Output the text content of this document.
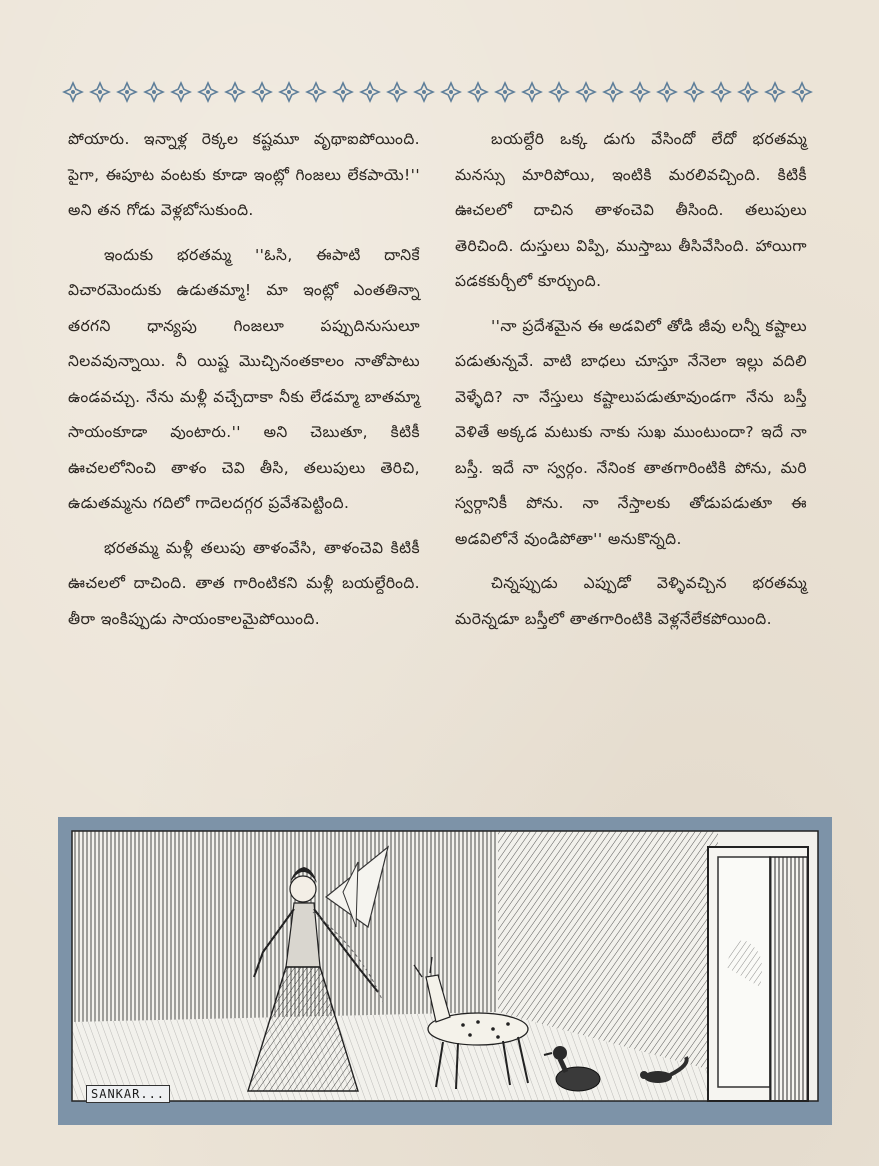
పోయారు. ఇన్నాళ్ల రెక్కల కష్టమూ వృథాఐపోయింది. పైగా, ఈపూట వంటకు కూడా ఇంట్లో గింజలు లేకపాయె!'' అని తన గోడు వెళ్లబోసుకుంది.

ఇందుకు భరతమ్మ ''ఓసి, ఈపాటి దానికే విచారమెందుకు ఉడుతమ్మా! మా ఇంట్లో ఎంతతిన్నా తరగని ధాన్యపు గింజలూ పప్పుదినుసులూ నిలవవున్నాయి. నీ యిష్ట మొచ్చినంతకాలం నాతోపాటు ఉండవచ్చు. నేను మళ్లీ వచ్చేదాకా నీకు లేడమ్మా బాతమ్మా సాయంకూడా వుంటారు.'' అని చెబుతూ, కిటికీ ఊచలలోనించి తాళం చెవి తీసి, తలుపులు తెరిచి, ఉడుతమ్మను గదిలో గాదెలదగ్గర ప్రవేశపెట్టింది.

భరతమ్మ మళ్లీ తలుపు తాళంవేసి, తాళంచెవి కిటికీ ఊచలలో దాచింది. తాత గారింటికని మళ్లీ బయల్దేరింది. తీరా ఇంకిప్పుడు సాయంకాలమైపోయింది.

బయల్దేరి ఒక్క డుగు వేసిందో లేదో భరతమ్మ మనస్సు మారిపోయి, ఇంటికి మరలివచ్చింది. కిటికీ ఊచలలో దాచిన తాళంచెవి తీసింది. తలుపులు తెరిచింది. దుస్తులు విప్పి, ముస్తాబు తీసివేసింది. హాయిగా పడకకుర్చీలో కూర్చుంది.

''నా ప్రదేశమైన ఈ అడవిలో తోడి జీవు లన్నీ కష్టాలు పడుతున్నవే. వాటి బాధలు చూస్తూ నేనెలా ఇల్లు వదిలి వెళ్ళేది? నా నేస్తులు కష్టాలుపడుతూవుండగా నేను బస్తీ వెళితే అక్కడ మటుకు నాకు సుఖ ముంటుందా? ఇదే నా బస్తీ. ఇదే నా స్వర్గం. నేనింక తాతగారింటికి పోను, మరి స్వర్గానికీ పోను. నా నేస్తాలకు తోడుపడుతూ ఈ అడవిలోనే వుండిపోతా'' అనుకొన్నది.

చిన్నప్పుడు ఎప్పుడో వెళ్ళివచ్చిన భరతమ్మ మరెన్నడూ బస్తీలో తాతగారింటికి వెళ్లనేలేకపోయింది.

SANKAR...
